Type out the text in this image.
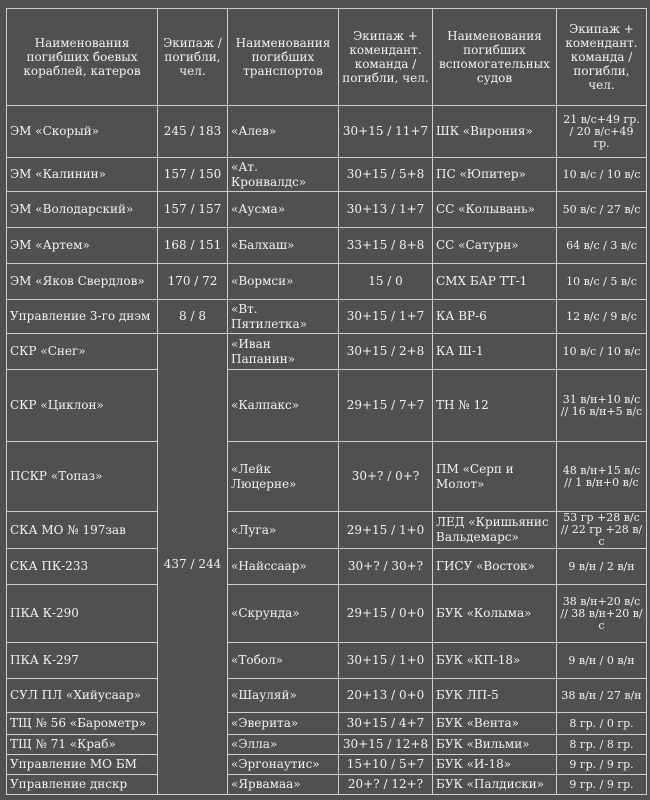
Наименования погибших боевых кораблей, катеров	Экипаж / погибли, чел.	Наименования погибших транспортов	Экипаж + комендант. команда / погибли, чел.	Наименования погибших вспомогательных судов	Экипаж + комендант. команда / погибли, чел.
ЭМ «Скорый»	245 / 183	«Алев»	30+15 / 11+7	ШК «Вирония»	21 в/с+49 гр. / 20 в/с+49 гр.
ЭМ «Калинин»	157 / 150	«Ат. Кронвалдс»	30+15 / 5+8	ПС «Юпитер»	10 в/с / 10 в/с
ЭМ «Володарский»	157 / 157	«Аусма»	30+13 / 1+7	СС «Колывань»	50 в/с / 27 в/с
ЭМ «Артем»	168 / 151	«Балхаш»	33+15 / 8+8	СС «Сатурн»	64 в/с / 3 в/с
ЭМ «Яков Свердлов»	170 / 72	«Вормси»	15 / 0	СМХ БАР ТТ-1	10 в/с / 5 в/с
Управление 3-го днэм	8 / 8	«Вт. Пятилетка»	30+15 / 1+7	КА ВР-6	12 в/с / 9 в/с
СКР «Снег»	437 / 244	«Иван Папанин»	30+15 / 2+8	КА Ш-1	10 в/с / 10 в/с
СКР «Циклон»		«Калпакс»	29+15 / 7+7	ТН № 12	31 в/н+10 в/с // 16 в/н+5 в/с
ПСКР «Топаз»		«Лейк Люцерне»	30+? / 0+?	ПМ «Серп и Молот»	48 в/н+15 в/с // 1 в/н+0 в/с
СКА МО № 197зав		«Луга»	29+15 / 1+0	ЛЕД «Кришьянис Вальдемарс»	53 гр +28 в/с // 22 гр +28 в/с
СКА ПК-233		«Найссаар»	30+? / 30+?	ГИСУ «Восток»	9 в/н / 2 в/н
ПКА К-290		«Скрунда»	29+15 / 0+0	БУК «Колыма»	38 в/н+20 в/с // 38 в/н+20 в/с
ПКА К-297		«Тобол»	30+15 / 1+0	БУК «КП-18»	9 в/н / 0 в/н
СУЛ ПЛ «Хийусаар»		«Шауляй»	20+13 / 0+0	БУК ЛП-5	38 в/н / 27 в/н
ТЩ № 56 «Барометр»		«Эверита»	30+15 / 4+7	БУК «Вента»	8 гр. / 0 гр.
ТЩ № 71 «Краб»		«Элла»	30+15 / 12+8	БУК «Вильми»	8 гр. / 8 гр.
Управление МО БМ		«Эргонаутис»	15+10 / 5+7	БУК «И-18»	9 гр. / 9 гр.
Управление днскр		«Ярвамаа»	20+? / 12+?	БУК «Палдиски»	9 гр. / 9 гр.
